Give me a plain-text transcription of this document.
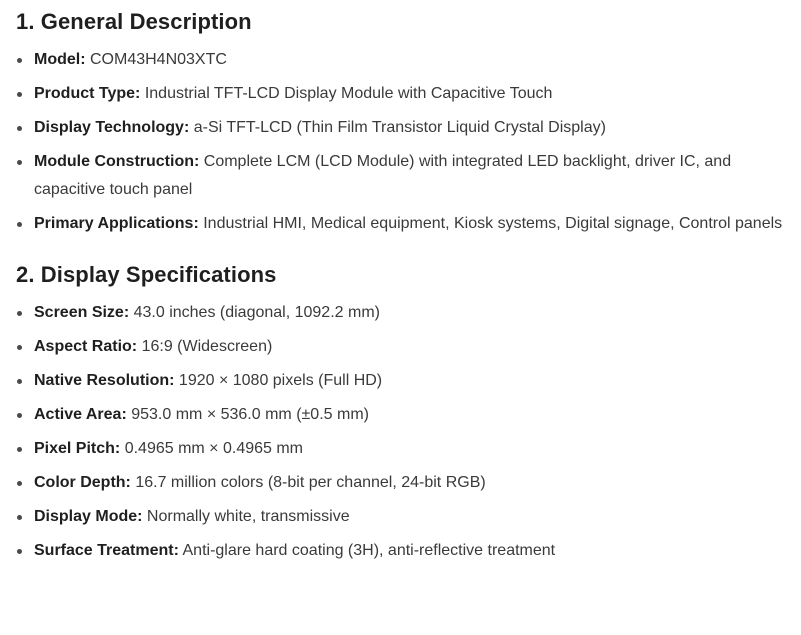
1. General Description
Model: COM43H4N03XTC
Product Type: Industrial TFT-LCD Display Module with Capacitive Touch
Display Technology: a-Si TFT-LCD (Thin Film Transistor Liquid Crystal Display)
Module Construction: Complete LCM (LCD Module) with integrated LED backlight, driver IC, and capacitive touch panel
Primary Applications: Industrial HMI, Medical equipment, Kiosk systems, Digital signage, Control panels
2. Display Specifications
Screen Size: 43.0 inches (diagonal, 1092.2 mm)
Aspect Ratio: 16:9 (Widescreen)
Native Resolution: 1920 × 1080 pixels (Full HD)
Active Area: 953.0 mm × 536.0 mm (±0.5 mm)
Pixel Pitch: 0.4965 mm × 0.4965 mm
Color Depth: 16.7 million colors (8-bit per channel, 24-bit RGB)
Display Mode: Normally white, transmissive
Surface Treatment: Anti-glare hard coating (3H), anti-reflective treatment
